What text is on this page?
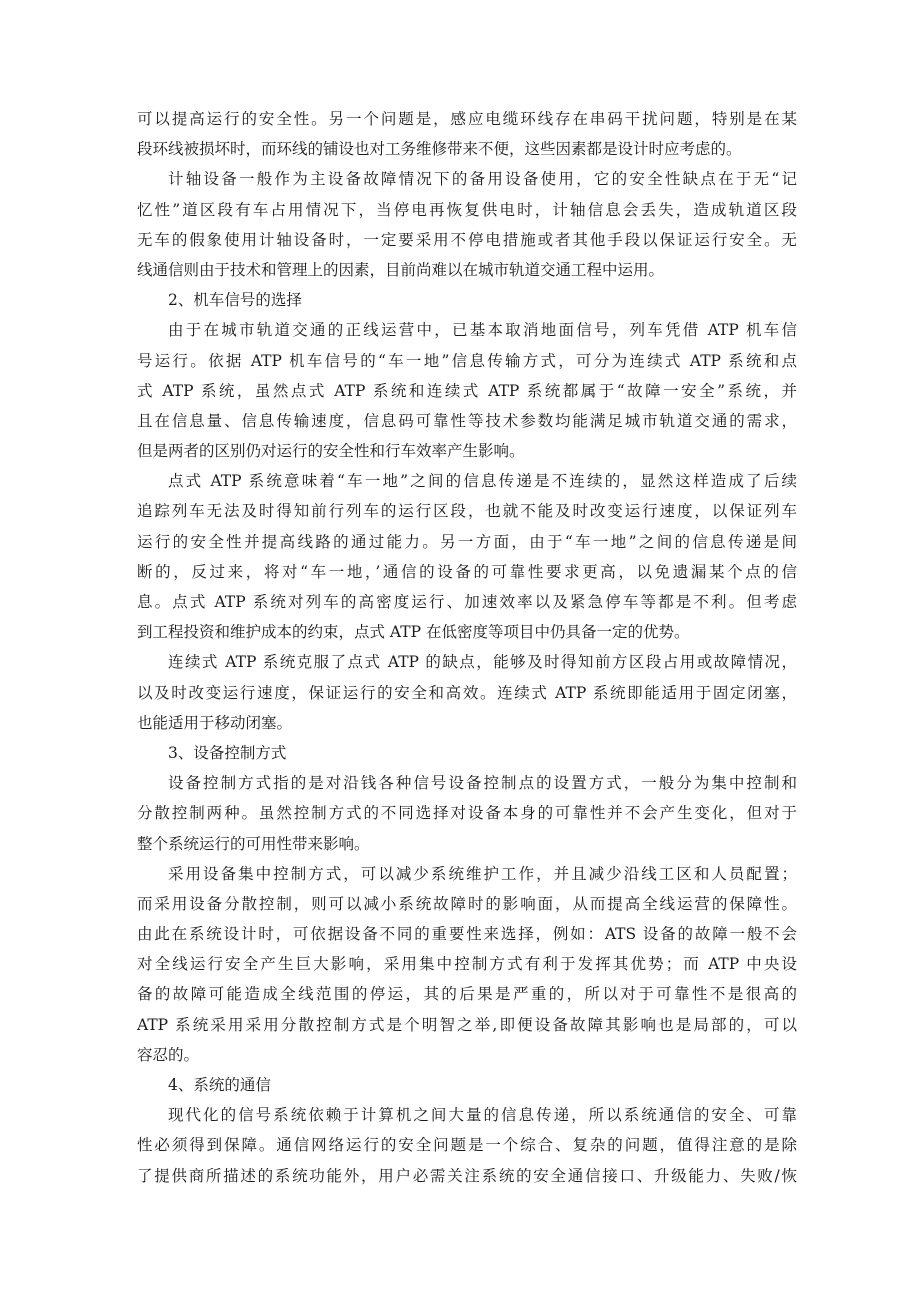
可以提高运行的安全性。另一个问题是，感应电缆环线存在串码干扰问题，特别是在某
段环线被损坏时，而环线的铺设也对工务维修带来不便，这些因素都是设计时应考虑的。
计轴设备一般作为主设备故障情况下的备用设备使用，它的安全性缺点在于无“记
忆性”道区段有车占用情况下，当停电再恢复供电时，计轴信息会丢失，造成轨道区段
无车的假象使用计轴设备时，一定要采用不停电措施或者其他手段以保证运行安全。无
线通信则由于技术和管理上的因素，目前尚难以在城市轨道交通工程中运用。
2、机车信号的选择
由于在城市轨道交通的正线运营中，已基本取消地面信号，列车凭借 ATP 机车信
号运行。依据 ATP 机车信号的“车一地”信息传输方式，可分为连续式 ATP 系统和点
式 ATP 系统，虽然点式 ATP 系统和连续式 ATP 系统都属于“故障一安全”系统，并
且在信息量、信息传输速度，信息码可靠性等技术参数均能满足城市轨道交通的需求，
但是两者的区别仍对运行的安全性和行车效率产生影响。
点式 ATP 系统意味着“车一地”之间的信息传递是不连续的，显然这样造成了后续
追踪列车无法及时得知前行列车的运行区段，也就不能及时改变运行速度，以保证列车
运行的安全性并提高线路的通过能力。另一方面，由于“车一地”之间的信息传递是间
断的，反过来，将对“车一地，’通信的设备的可靠性要求更高，以免遗漏某个点的信
息。点式 ATP 系统对列车的高密度运行、加速效率以及紧急停车等都是不利。但考虑
到工程投资和维护成本的约束，点式 ATP 在低密度等项目中仍具备一定的优势。
连续式 ATP 系统克服了点式 ATP 的缺点，能够及时得知前方区段占用或故障情况，
以及时改变运行速度，保证运行的安全和高效。连续式 ATP 系统即能适用于固定闭塞，
也能适用于移动闭塞。
3、设备控制方式
设备控制方式指的是对沿钱各种信号设备控制点的设置方式，一般分为集中控制和
分散控制两种。虽然控制方式的不同选择对设备本身的可靠性并不会产生变化，但对于
整个系统运行的可用性带来影响。
采用设备集中控制方式，可以减少系统维护工作，并且减少沿线工区和人员配置；
而采用设备分散控制，则可以减小系统故障时的影响面，从而提高全线运营的保障性。
由此在系统设计时，可依据设备不同的重要性来选择，例如：ATS 设备的故障一般不会
对全线运行安全产生巨大影响，采用集中控制方式有利于发挥其优势；而 ATP 中央设
备的故障可能造成全线范围的停运，其的后果是严重的，所以对于可靠性不是很高的
ATP 系统采用采用分散控制方式是个明智之举,即便设备故障其影响也是局部的，可以
容忍的。
4、系统的通信
现代化的信号系统依赖于计算机之间大量的信息传递，所以系统通信的安全、可靠
性必须得到保障。通信网络运行的安全问题是一个综合、复杂的问题，值得注意的是除
了提供商所描述的系统功能外，用户必需关注系统的安全通信接口、升级能力、失败/恢
